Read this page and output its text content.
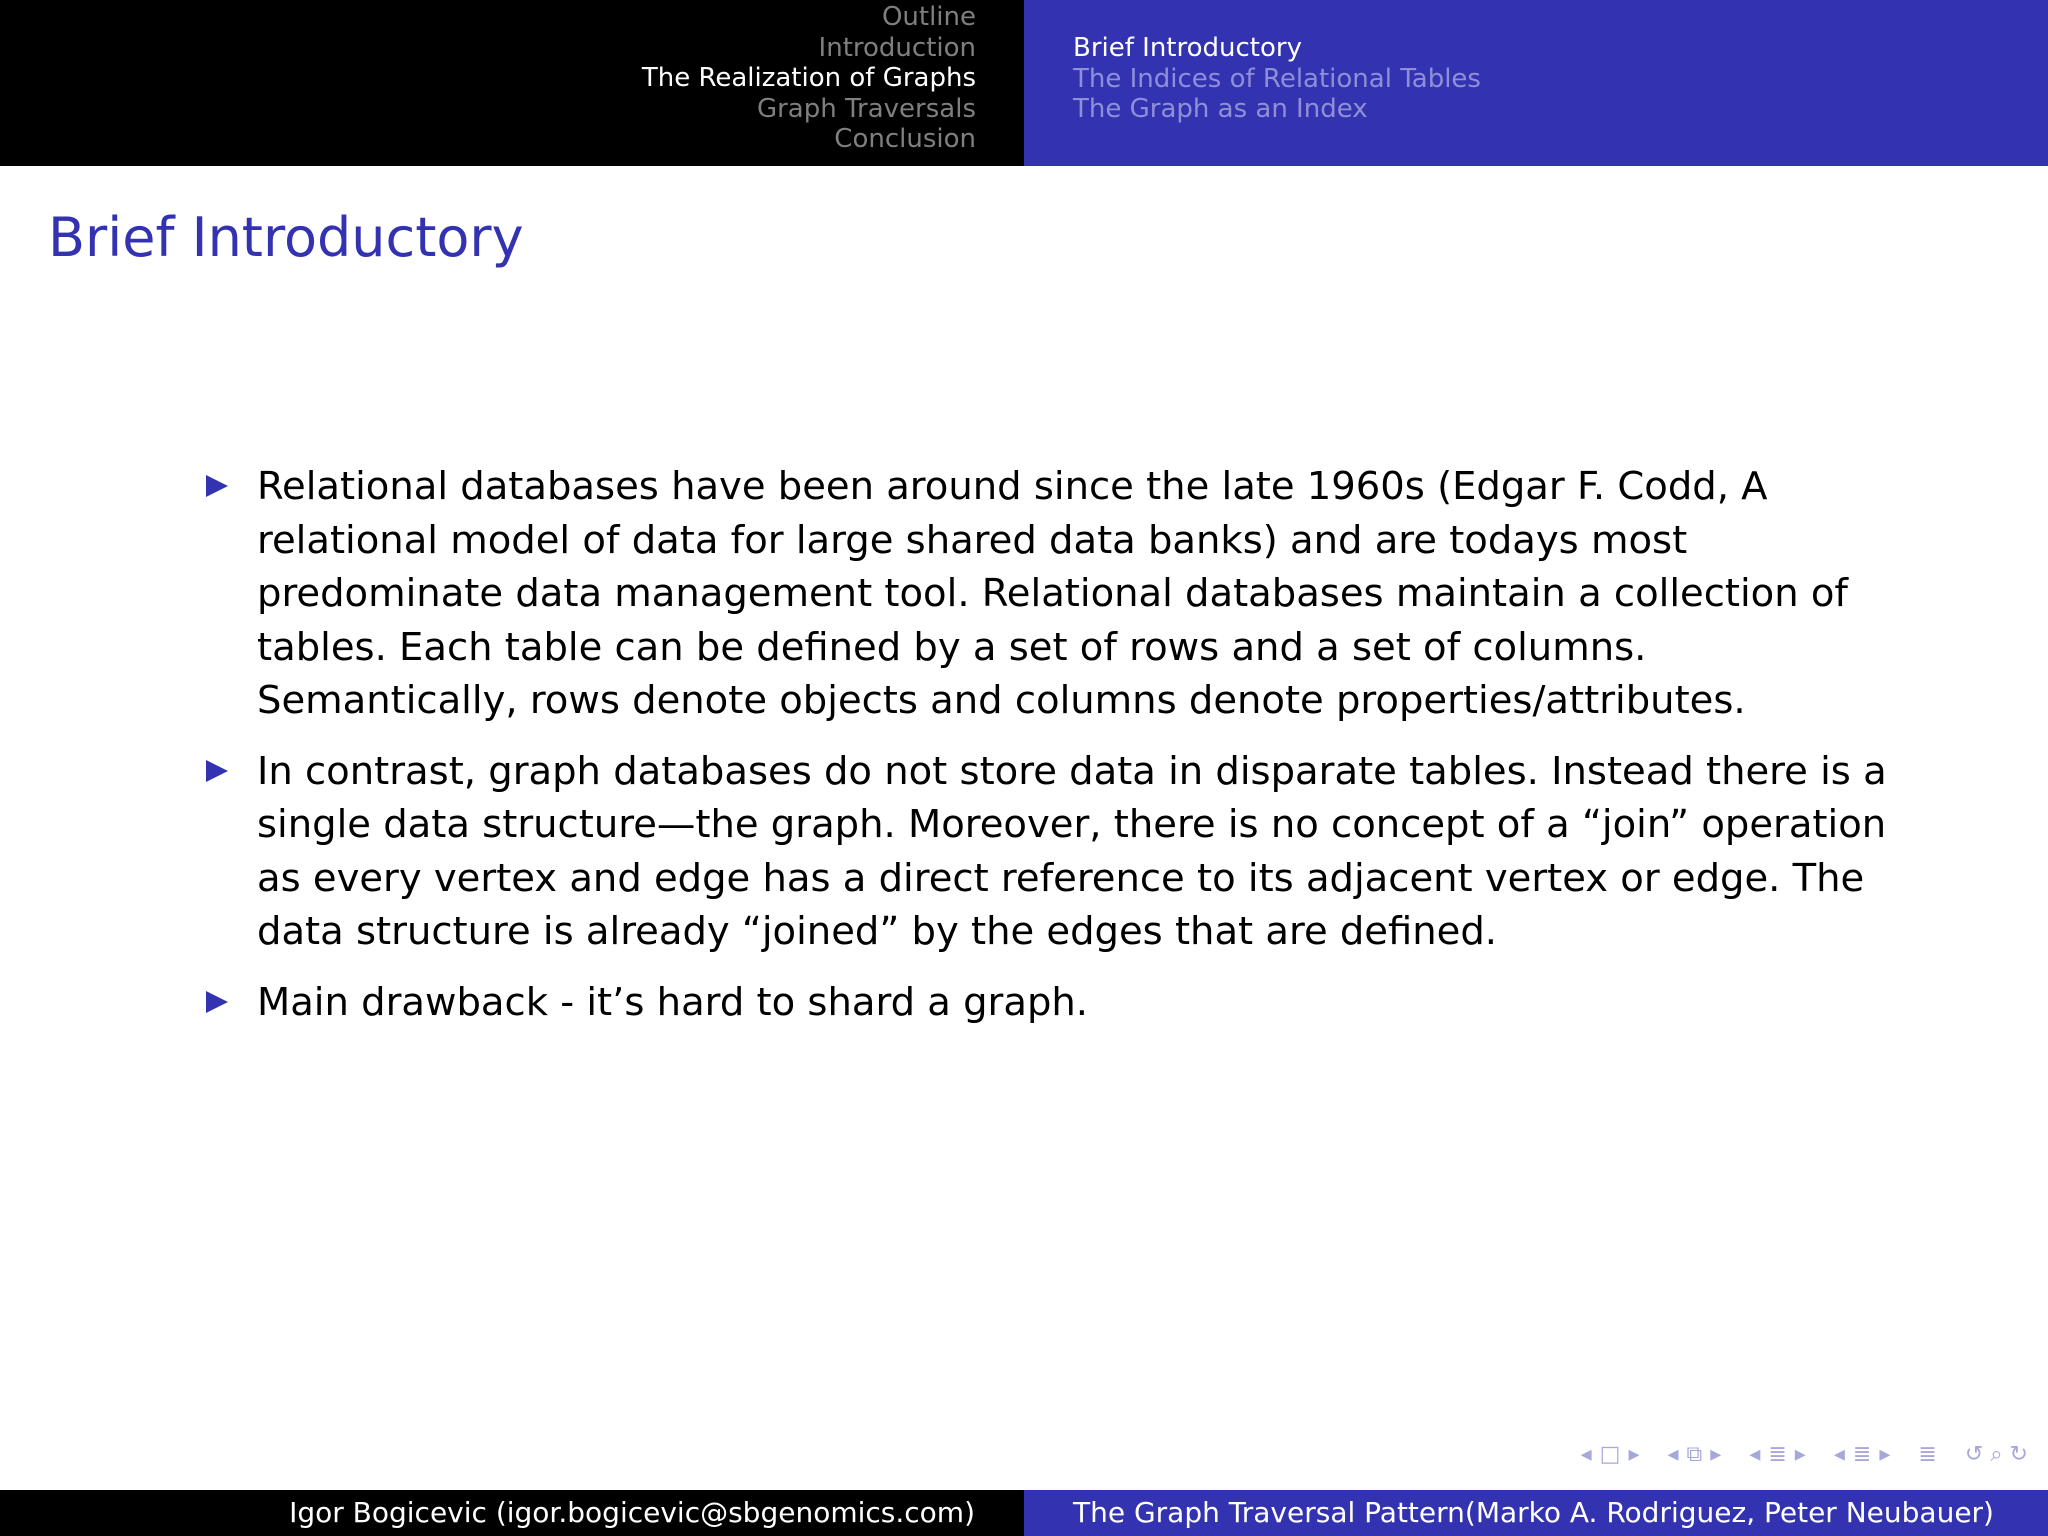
Outline
Introduction
The Realization of Graphs
Graph Traversals
Conclusion
Brief Introductory
The Indices of Relational Tables
The Graph as an Index
Brief Introductory
Relational databases have been around since the late 1960s (Edgar F. Codd, A relational model of data for large shared data banks) and are todays most predominate data management tool. Relational databases maintain a collection of tables. Each table can be defined by a set of rows and a set of columns. Semantically, rows denote objects and columns denote properties/attributes.
In contrast, graph databases do not store data in disparate tables. Instead there is a single data structure—the graph. Moreover, there is no concept of a “join” operation as every vertex and edge has a direct reference to its adjacent vertex or edge. The data structure is already “joined” by the edges that are defined.
Main drawback - it’s hard to shard a graph.
◂ □ ▸ ◂ ⧉ ▸ ◂ ≣ ▸ ◂ ≣ ▸ ≣ ↺ ⌕ ↻
Igor Bogicevic (igor.bogicevic@sbgenomics.com)	The Graph Traversal Pattern(Marko A. Rodriguez, Peter Neubauer)
